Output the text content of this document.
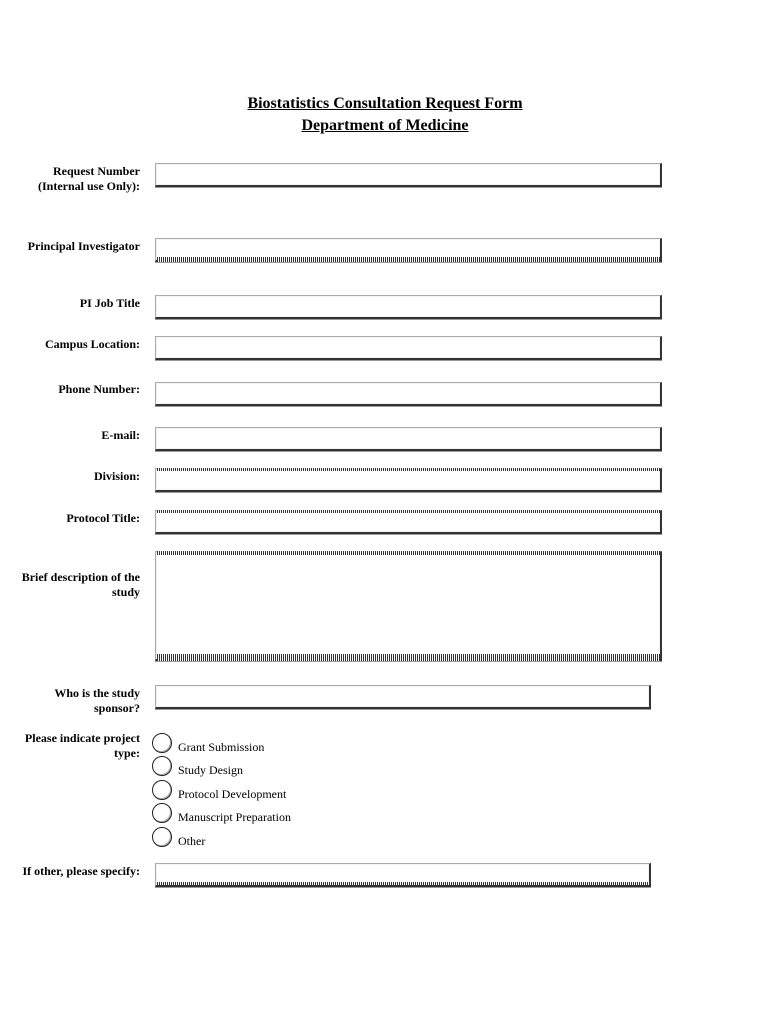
Biostatistics Consultation Request Form
Department of Medicine
Request Number (Internal use Only):
Principal Investigator
PI Job Title
Campus Location:
Phone Number:
E-mail:
Division:
Protocol Title:
Brief description of the study
Who is the study sponsor?
Please indicate project type:	Grant Submission
Study Design
Protocol Development
Manuscript Preparation
Other
If other, please specify:
